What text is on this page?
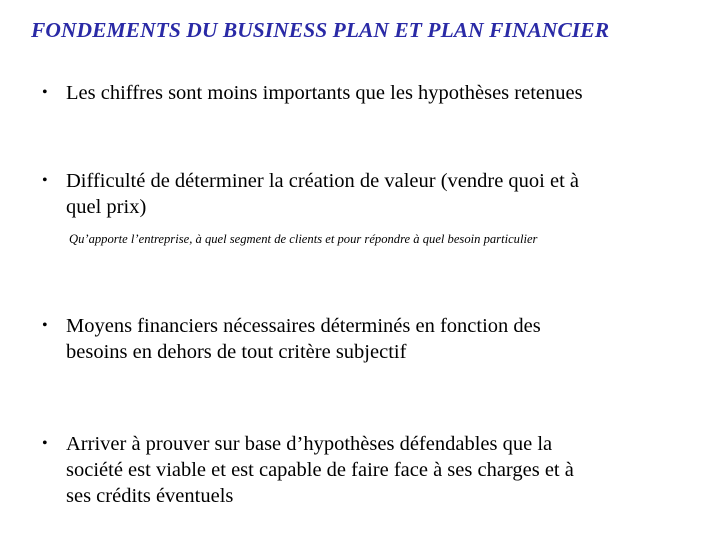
FONDEMENTS DU BUSINESS PLAN ET PLAN FINANCIER
• Les chiffres sont moins importants que les hypothèses retenues
• Difficulté de déterminer la création de valeur (vendre quoi et à
quel prix)
Qu’apporte l’entreprise, à quel segment de clients et pour répondre à quel besoin particulier
• Moyens financiers nécessaires déterminés en fonction des
besoins en dehors de tout critère subjectif
• Arriver à prouver sur base d’hypothèses défendables que la
société est viable et est capable de faire face à ses charges et à
ses crédits éventuels
